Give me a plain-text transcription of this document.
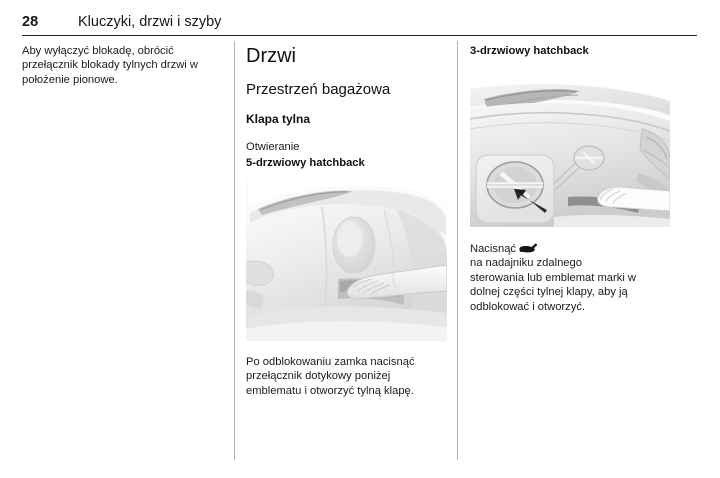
28	Kluczyki, drzwi i szyby

Aby wyłączyć blokadę, obrócić
przełącznik blokady tylnych drzwi w
położenie pionowe.

Drzwi
Przestrzeń bagażowa
Klapa tylna

Otwieranie

5-drzwiowy hatchback

Po odblokowaniu zamka nacisnąć
przełącznik dotykowy poniżej
emblematu i otworzyć tylną klapę.

3-drzwiowy hatchback

Nacisnąć
na nadajniku zdalnego
sterowania lub emblemat marki w
dolnej części tylnej klapy, aby ją
odblokować i otworzyć.
